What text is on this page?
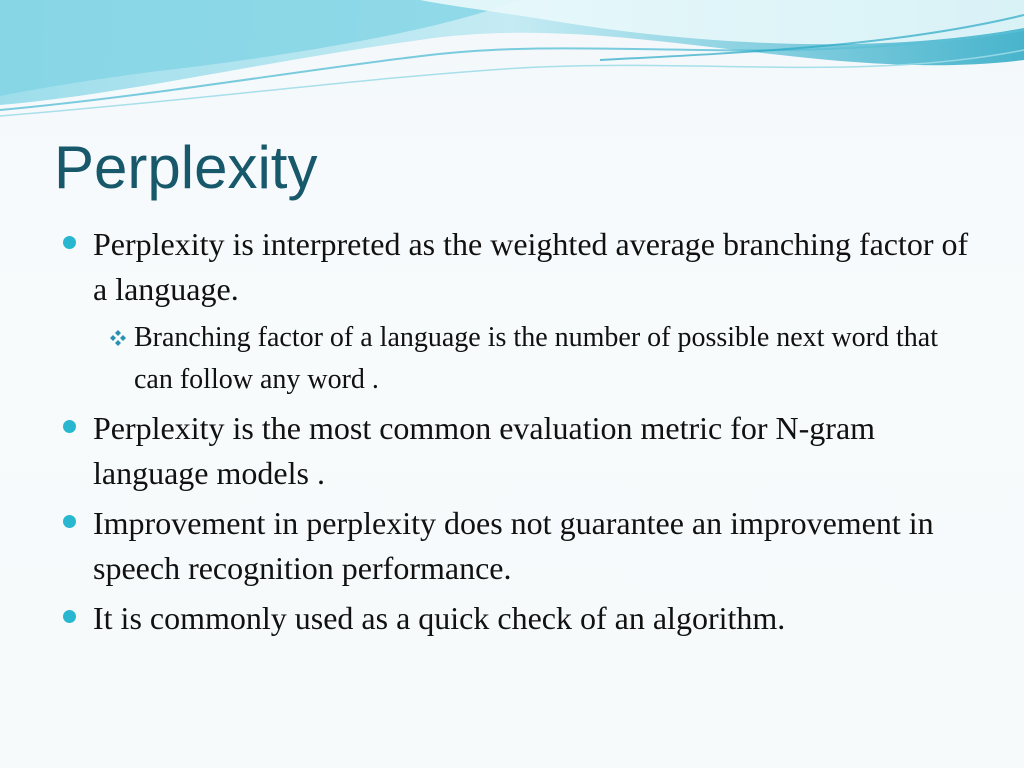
Perplexity
Perplexity is interpreted as the weighted average branching factor of a language.
Branching factor of a language is the number of possible next word that can follow any word .
Perplexity is the most common evaluation metric for N-gram language models .
Improvement in perplexity does not guarantee an improvement in speech recognition performance.
It is commonly used as a quick check of an algorithm.
